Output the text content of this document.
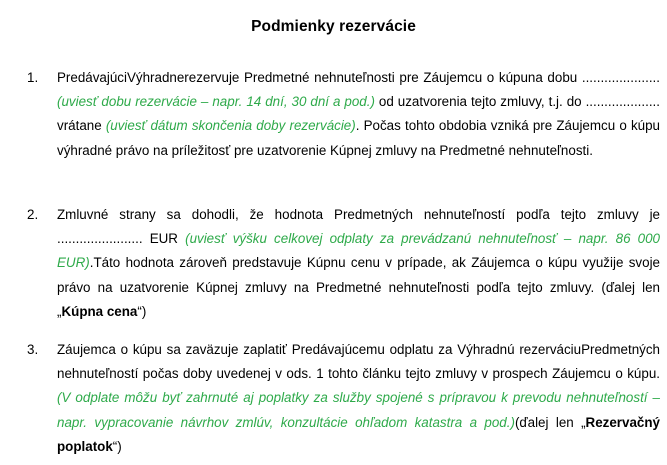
Podmienky rezervácie
1.	PredávajúciVýhradnerezervuje Predmetné nehnuteľnosti pre Záujemcu o kúpuna dobu ..................... (uviesť dobu rezervácie – napr. 14 dní, 30 dní a pod.) od uzatvorenia tejto zmluvy, t.j. do .................... vrátane (uviesť dátum skončenia doby rezervácie). Počas tohto obdobia vzniká pre Záujemcu o kúpu výhradné právo na príležitosť pre uzatvorenie Kúpnej zmluvy na Predmetné nehnuteľnosti.
2.	Zmluvné strany sa dohodli, že hodnota Predmetných nehnuteľností podľa tejto zmluvy je ....................... EUR (uviesť výšku celkovej odplaty za prevádzanú nehnuteľnosť – napr. 86 000 EUR).Táto hodnota zároveň predstavuje Kúpnu cenu v prípade, ak Záujemca o kúpu využije svoje právo na uzatvorenie Kúpnej zmluvy na Predmetné nehnuteľnosti podľa tejto zmluvy. (ďalej len „Kúpna cena“)
3.	Záujemca o kúpu sa zaväzuje zaplatiť Predávajúcemu odplatu za Výhradnú rezerváciuPredmetných nehnuteľností počas doby uvedenej v ods. 1 tohto článku tejto zmluvy v prospech Záujemcu o kúpu.(V odplate môžu byť zahrnuté aj poplatky za služby spojené s prípravou k prevodu nehnuteľností – napr. vypracovanie návrhov zmlúv, konzultácie ohľadom katastra a pod.)(ďalej len „Rezervačný poplatok“)
